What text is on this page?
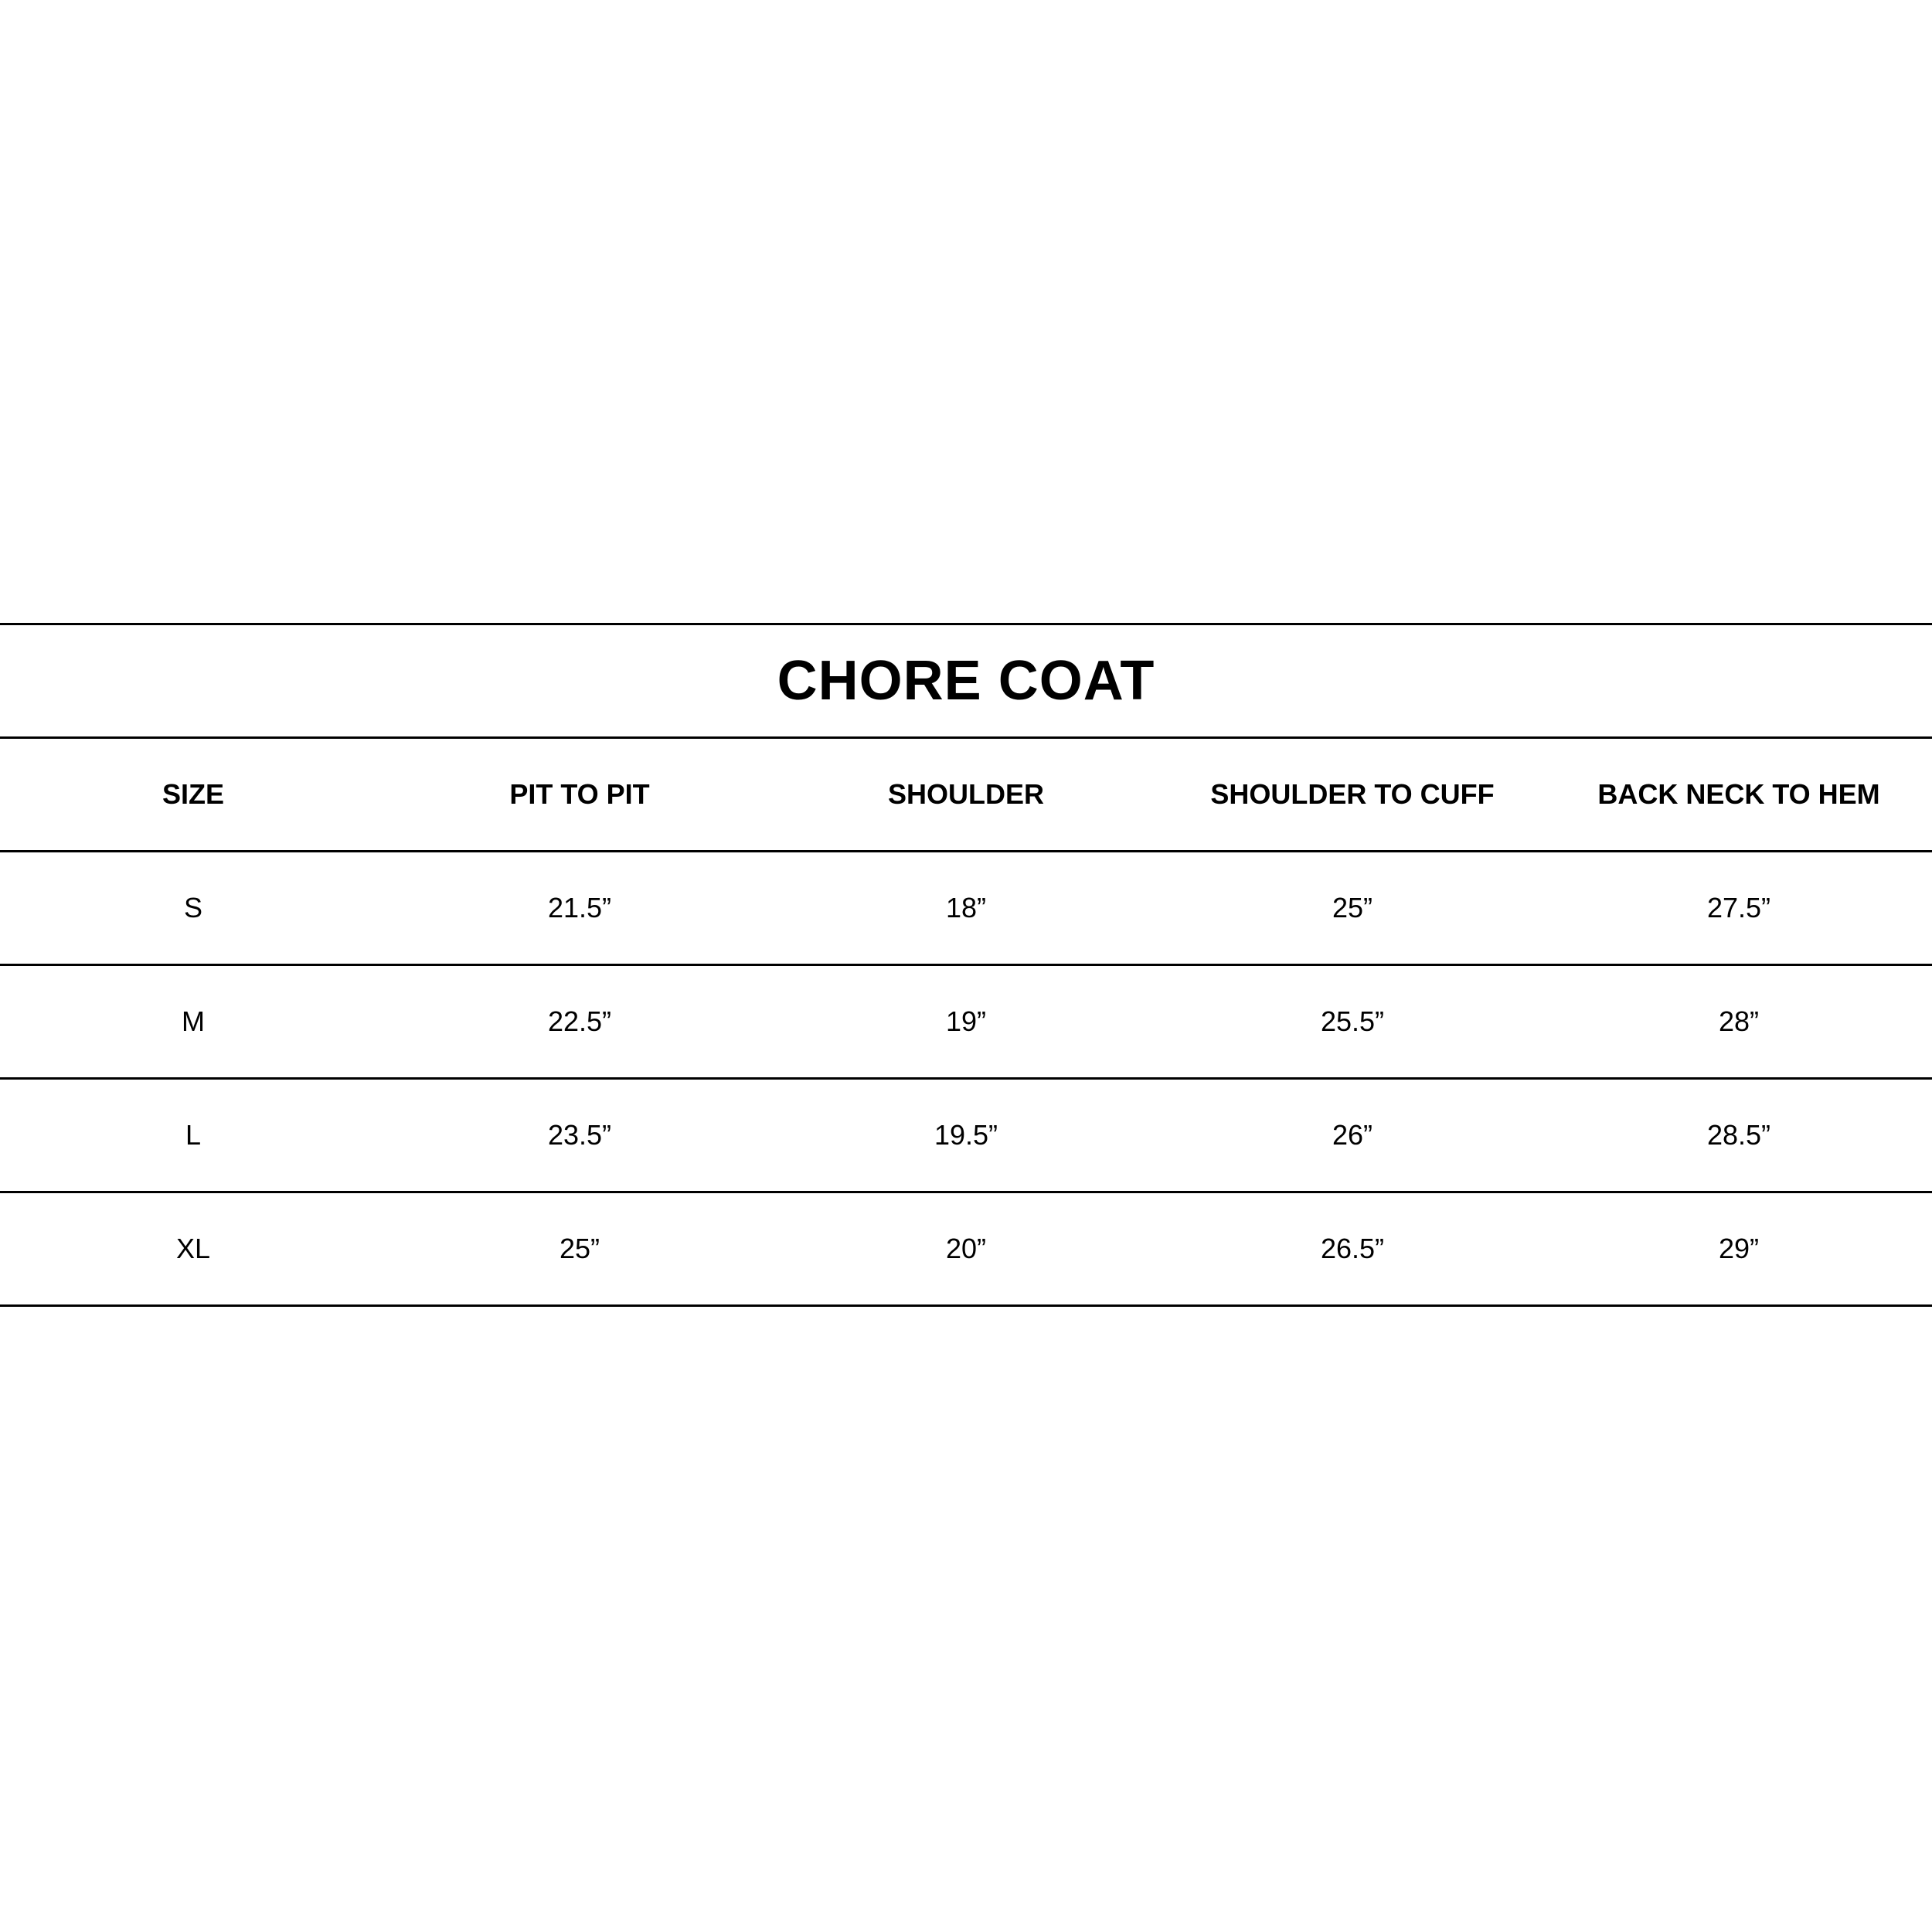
CHORE COAT
SIZE	PIT TO PIT	SHOULDER	SHOULDER TO CUFF	BACK NECK TO HEM
S	21.5”	18”	25”	27.5”
M	22.5”	19”	25.5”	28”
L	23.5”	19.5”	26”	28.5”
XL	25”	20”	26.5”	29”
